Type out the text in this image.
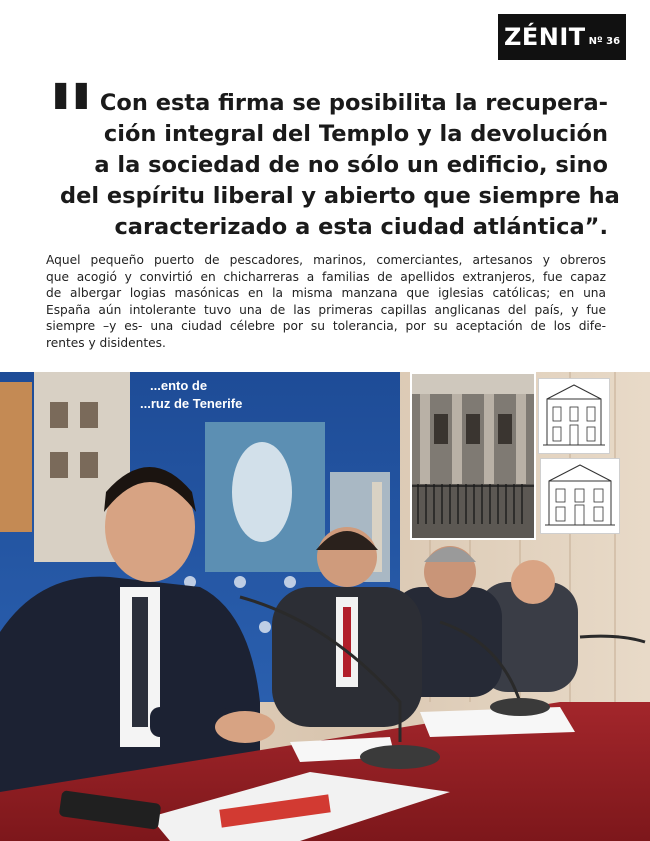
ZÉNIT Nº 36
" Con esta firma se posibilita la recupera-
ción integral del Templo y la devolución
a la sociedad de no sólo un edificio, sino
del espíritu liberal y abierto que siempre ha
caracterizado a esta ciudad atlántica”.

Aquel pequeño puerto de pescadores, marinos, comerciantes, artesanos y obreros
que acogió y convirtió en chicharreras a familias de apellidos extranjeros, fue capaz
de albergar logias masónicas en la misma manzana que iglesias católicas; en una
España aún intolerante tuvo una de las primeras capillas anglicanas del país, y fue
siempre –y es- una ciudad célebre por su tolerancia, por su aceptación de los dife-
rentes y disidentes.

...ento de
...ruz de Tenerife
